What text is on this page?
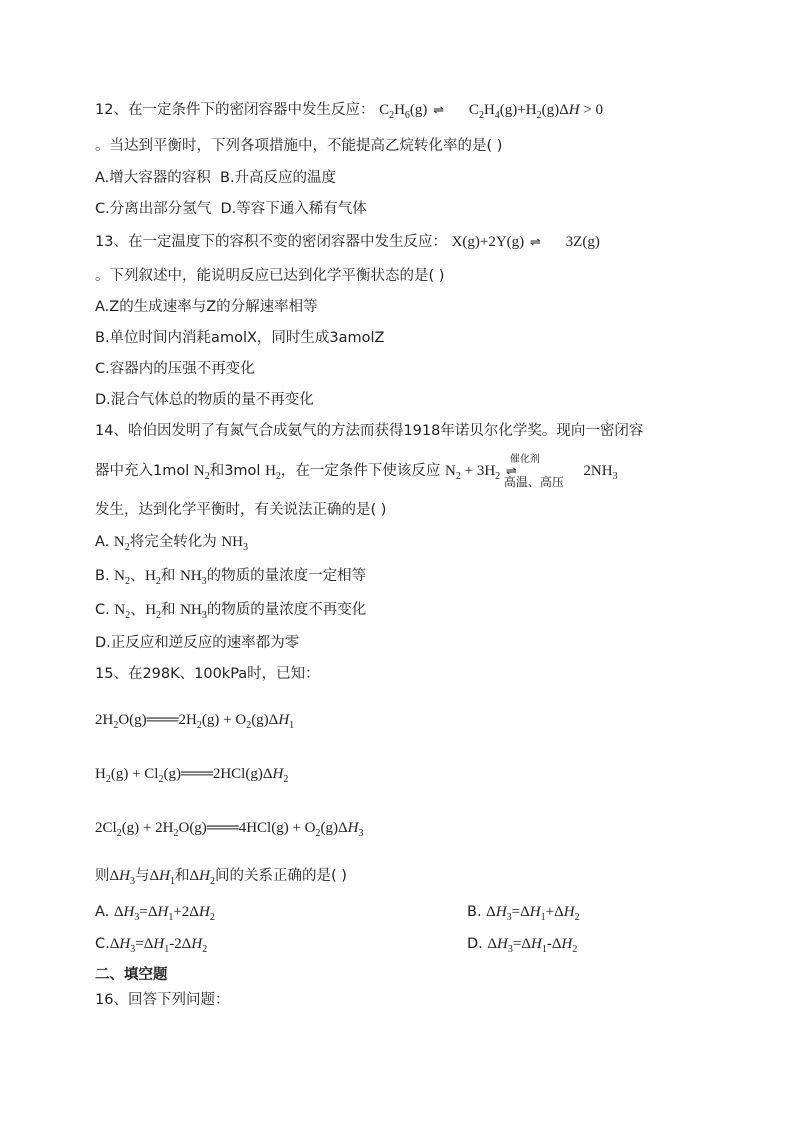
12、在一定条件下的密闭容器中发生反应： $C_2H_6(g)$ ⇌ $C_2H_4(g)+H_2(g)\Delta H > 0$
。当达到平衡时，下列各项措施中，不能提高乙烷转化率的是( )
A.增大容器的容积 B.升高反应的温度
C.分离出部分氢气 D.等容下通入稀有气体
13、在一定温度下的容积不变的密闭容器中发生反应： X(g)+2Y(g) ⇌ 3Z(g)
。下列叙述中，能说明反应已达到化学平衡状态的是( )
A.Z的生成速率与Z的分解速率相等
B.单位时间内消耗amolX，同时生成3amolZ
C.容器内的压强不再变化
D.混合气体总的物质的量不再变化
14、哈伯因发明了有氮气合成氨气的方法而获得1918年诺贝尔化学奖。现向一密闭容
器中充入1mol $N_2$和3mol $H_2$，在一定条件下使该反应 $N_2 + 3H_2$
催化剂
⇌
高温、高压
$2NH_3$
发生，达到化学平衡时，有关说法正确的是( )
A. $N_2$将完全转化为 $NH_3$
B. $N_2$、$H_2$和 $NH_3$的物质的量浓度一定相等
C. $N_2$、$H_2$和 $NH_3$的物质的量浓度不再变化
D.正反应和逆反应的速率都为零
15、在298K、100kPa时，已知：
$2H_2O(g)═══2H_2(g) + O_2(g)\Delta H_1$
$H_2(g)$ + $Cl_2(g)═══2HCl(g)\Delta H_2$
$2Cl_2(g)$ + $2H_2O(g)═══4HCl(g) + O_2(g)\Delta H_3$
则$\Delta H_3$与$\Delta H_1$和$\Delta H_2$间的关系正确的是( )
A. $\Delta H_3=\Delta H_1+2\Delta H_2$	B. $\Delta H_3=\Delta H_1+\Delta H_2$
$C.\Delta H_3=\Delta H_1-2\Delta H_2$	D. $\Delta H_3=\Delta H_1-\Delta H_2$
二、填空题
16、回答下列问题：
